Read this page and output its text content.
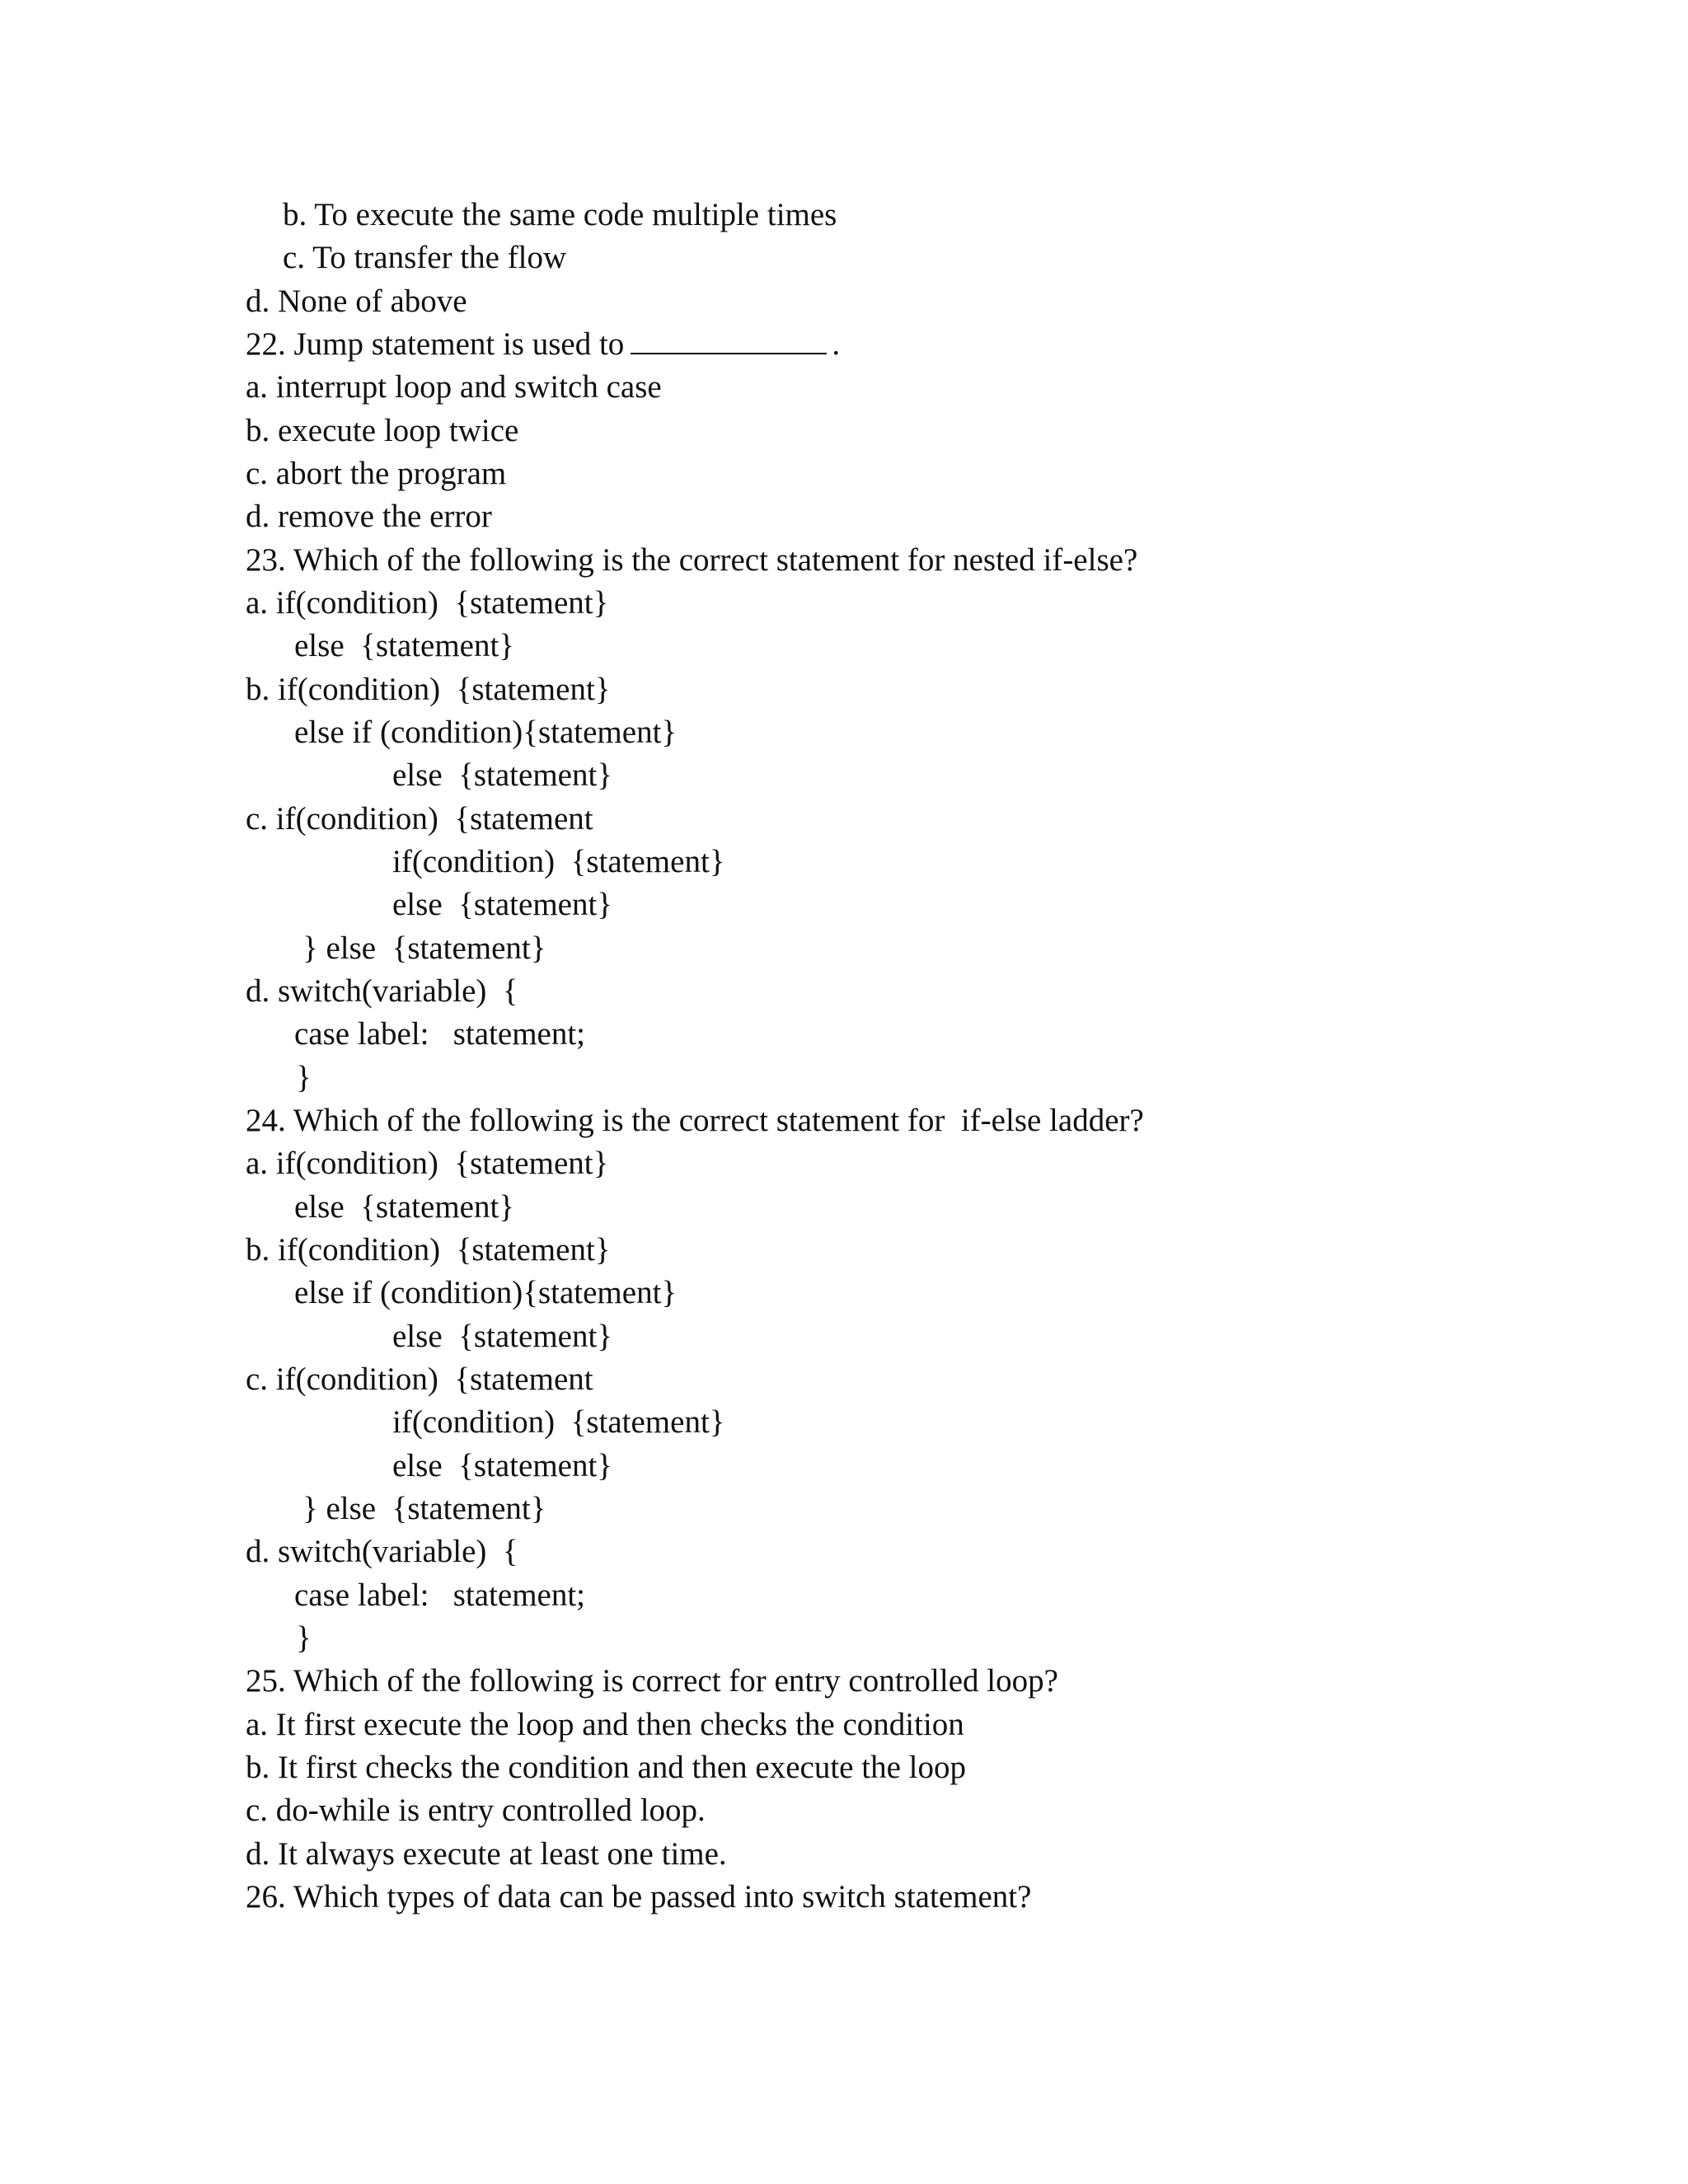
b. To execute the same code multiple times

c. To transfer the flow

d. None of above

22. Jump statement is used to	.

a. interrupt loop and switch case

b. execute loop twice

c. abort the program

d. remove the error

23. Which of the following is the correct statement for nested if-else?

a. if(condition)  {statement}

else  {statement}

b. if(condition)  {statement}

else if (condition){statement}

else  {statement}

c. if(condition)  {statement

if(condition)  {statement}

else  {statement}

} else  {statement}

d. switch(variable)  {

case label:   statement;

}

24. Which of the following is the correct statement for  if-else ladder?

a. if(condition)  {statement}

else  {statement}

b. if(condition)  {statement}

else if (condition){statement}

else  {statement}

c. if(condition)  {statement

if(condition)  {statement}

else  {statement}

} else  {statement}

d. switch(variable)  {

case label:   statement;

}

25. Which of the following is correct for entry controlled loop?

a. It first execute the loop and then checks the condition

b. It first checks the condition and then execute the loop

c. do-while is entry controlled loop.

d. It always execute at least one time.

26. Which types of data can be passed into switch statement?
